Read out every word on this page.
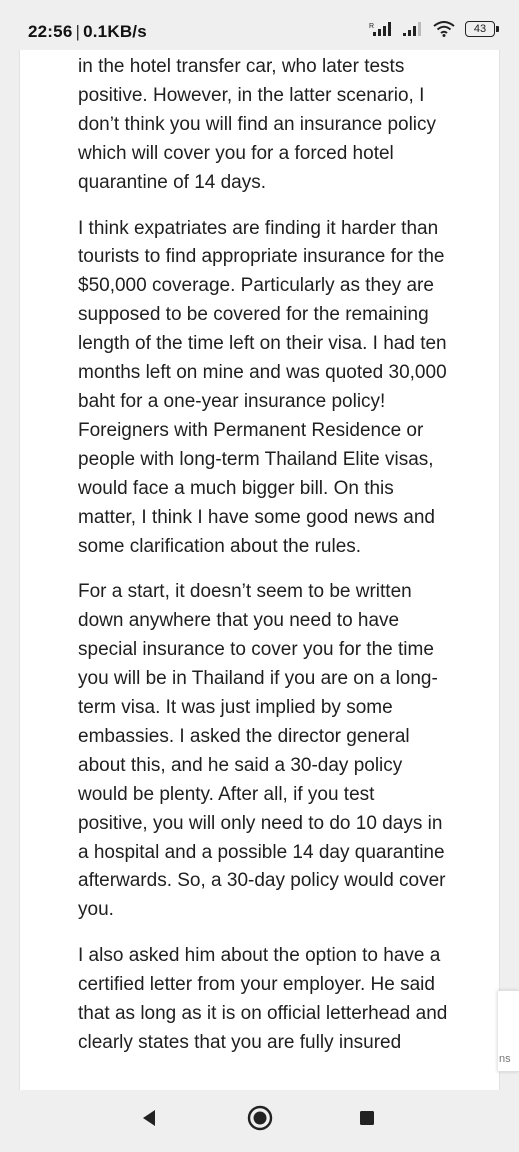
22:56 | 0.1KB/s	R	43

in the hotel transfer car, who later tests positive. However, in the latter scenario, I don’t think you will find an insurance policy which will cover you for a forced hotel quarantine of 14 days.

I think expatriates are finding it harder than tourists to find appropriate insurance for the $50,000 coverage. Particularly as they are supposed to be covered for the remaining length of the time left on their visa. I had ten months left on mine and was quoted 30,000 baht for a one-year insurance policy! Foreigners with Permanent Residence or people with long-term Thailand Elite visas, would face a much bigger bill. On this matter, I think I have some good news and some clarification about the rules.

For a start, it doesn’t seem to be written down anywhere that you need to have special insurance to cover you for the time you will be in Thailand if you are on a long-term visa. It was just implied by some embassies. I asked the director general about this, and he said a 30-day policy would be plenty. After all, if you test positive, you will only need to do 10 days in a hospital and a possible 14 day quarantine afterwards. So, a 30-day policy would cover you.

I also asked him about the option to have a certified letter from your employer. He said that as long as it is on official letterhead and clearly states that you are fully insured

ns
